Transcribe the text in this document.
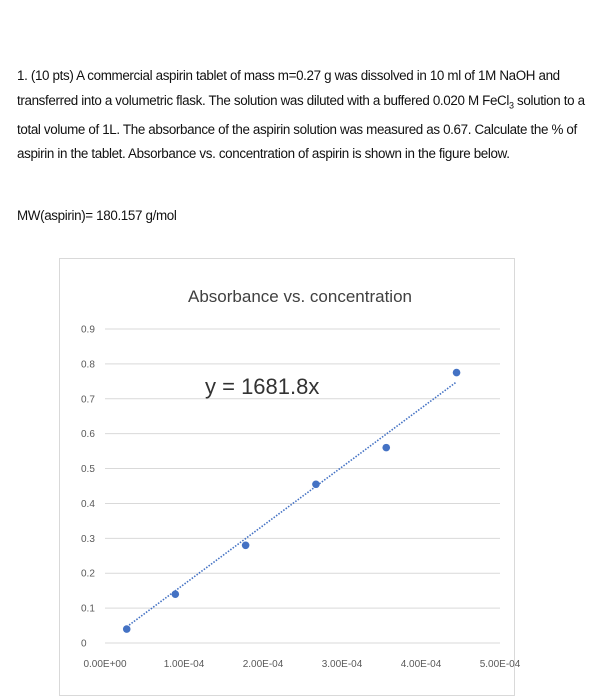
1. (10 pts) A commercial aspirin tablet of mass m=0.27 g was dissolved in 10 ml of 1M NaOH and

transferred into a volumetric flask. The solution was diluted with a buffered 0.020 M FeCl$_3$ solution to a

total volume of 1L. The absorbance of the aspirin solution was measured as 0.67. Calculate the % of

aspirin in the tablet. Absorbance vs. concentration of aspirin is shown in the figure below.

MW(aspirin)= 180.157 g/mol
Absorbance vs. concentration
0
0.1
0.2
0.3
0.4
0.5
0.6
0.7
0.8
0.9
0.00E+00	1.00E-04	2.00E-04	3.00E-04	4.00E-04	5.00E-04
y = 1681.8x
